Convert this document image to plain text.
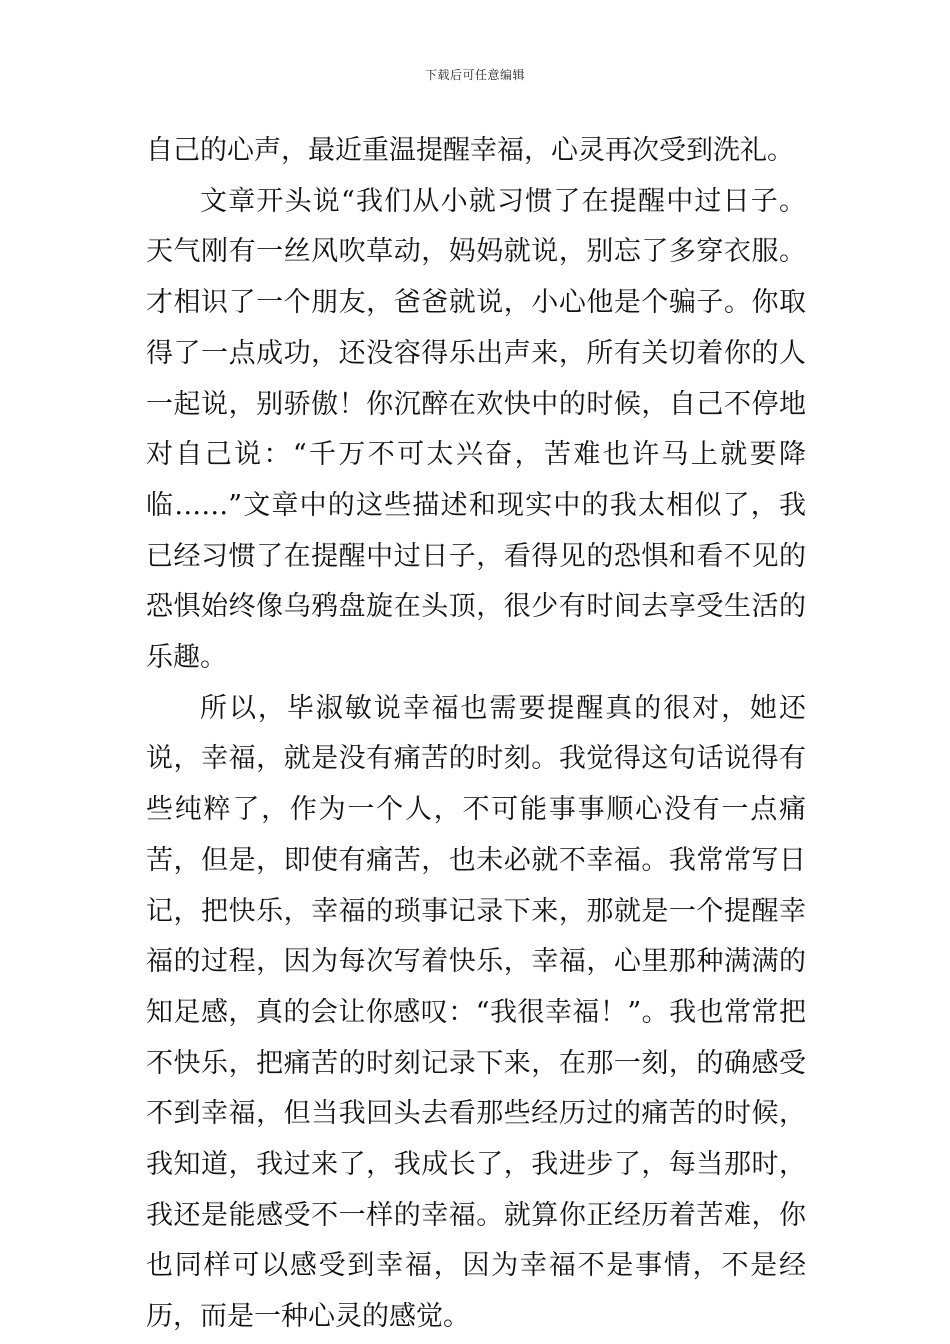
下载后可任意编辑

自己的心声，最近重温提醒幸福，心灵再次受到洗礼。

文章开头说“我们从小就习惯了在提醒中过日子。天气刚有一丝风吹草动，妈妈就说，别忘了多穿衣服。才相识了一个朋友，爸爸就说，小心他是个骗子。你取得了一点成功，还没容得乐出声来，所有关切着你的人一起说，别骄傲！你沉醉在欢快中的时候，自己不停地对自己说：“千万不可太兴奋，苦难也许马上就要降临……”文章中的这些描述和现实中的我太相似了，我已经习惯了在提醒中过日子，看得见的恐惧和看不见的恐惧始终像乌鸦盘旋在头顶，很少有时间去享受生活的乐趣。

所以，毕淑敏说幸福也需要提醒真的很对，她还说，幸福，就是没有痛苦的时刻。我觉得这句话说得有些纯粹了，作为一个人，不可能事事顺心没有一点痛苦，但是，即使有痛苦，也未必就不幸福。我常常写日记，把快乐，幸福的琐事记录下来，那就是一个提醒幸福的过程，因为每次写着快乐，幸福，心里那种满满的知足感，真的会让你感叹：“我很幸福！”。我也常常把不快乐，把痛苦的时刻记录下来，在那一刻，的确感受不到幸福，但当我回头去看那些经历过的痛苦的时候，我知道，我过来了，我成长了，我进步了，每当那时，我还是能感受不一样的幸福。就算你正经历着苦难，你也同样可以感受到幸福，因为幸福不是事情，不是经历，而是一种心灵的感觉。
